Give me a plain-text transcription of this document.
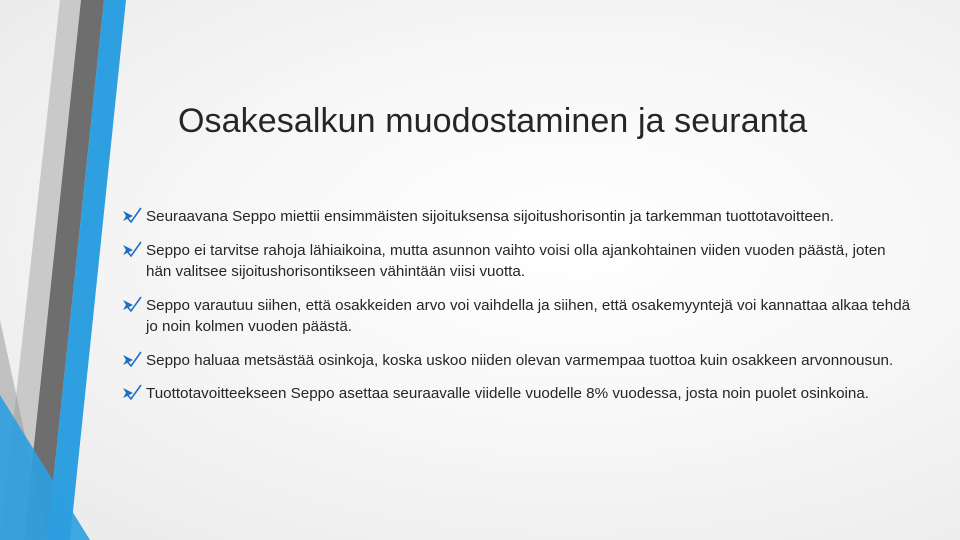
Osakesalkun muodostaminen ja seuranta
Seuraavana Seppo miettii ensimmäisten sijoituksensa sijoitushorisontin ja tarkemman tuottotavoitteen.
Seppo ei tarvitse rahoja lähiaikoina, mutta asunnon vaihto voisi olla ajankohtainen viiden vuoden päästä, joten hän valitsee sijoitushorisontikseen vähintään viisi vuotta.
Seppo varautuu siihen, että osakkeiden arvo voi vaihdella ja siihen, että osakemyyntejä voi kannattaa alkaa tehdä jo noin kolmen vuoden päästä.
Seppo haluaa metsästää osinkoja, koska uskoo niiden olevan varmempaa tuottoa kuin osakkeen arvonnousun.
Tuottotavoitteekseen Seppo asettaa seuraavalle viidelle vuodelle 8% vuodessa, josta noin puolet osinkoina.
